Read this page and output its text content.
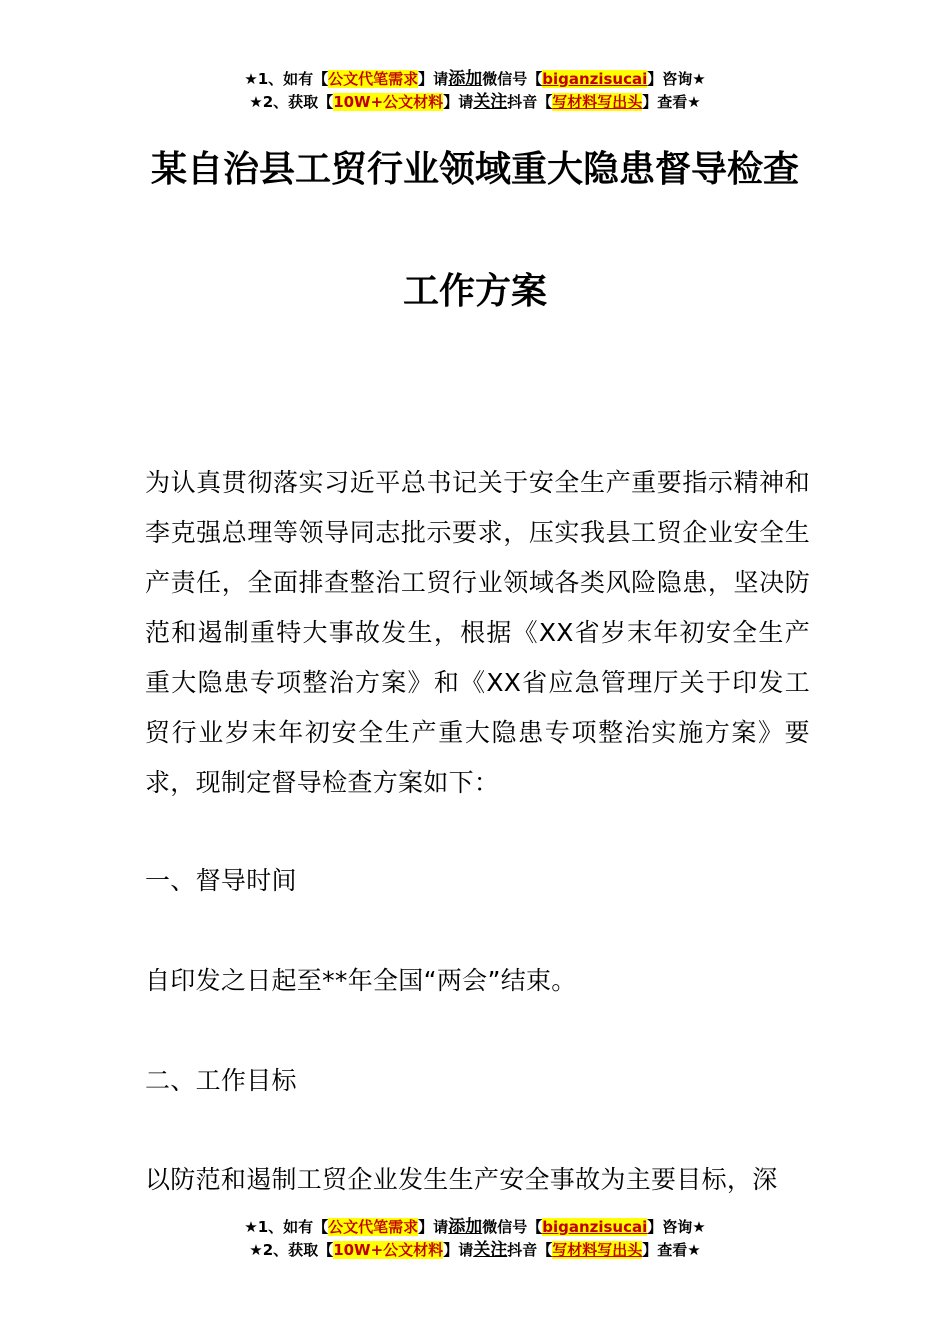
★1、如有【公文代笔需求】请添加微信号【biganzisucai】咨询★
★2、获取【10W+公文材料】请关注抖音【写材料写出头】查看★
某自治县工贸行业领域重大隐患督导检查
工作方案

为认真贯彻落实习近平总书记关于安全生产重要指示精神和李克强总理等领导同志批示要求，压实我县工贸企业安全生产责任，全面排查整治工贸行业领域各类风险隐患，坚决防范和遏制重特大事故发生，根据《XX省岁末年初安全生产重大隐患专项整治方案》和《XX省应急管理厅关于印发工贸行业岁末年初安全生产重大隐患专项整治实施方案》要求，现制定督导检查方案如下：

一、督导时间

自印发之日起至**年全国“两会”结束。

二、工作目标

以防范和遏制工贸企业发生生产安全事故为主要目标，深

★1、如有【公文代笔需求】请添加微信号【biganzisucai】咨询★
★2、获取【10W+公文材料】请关注抖音【写材料写出头】查看★
